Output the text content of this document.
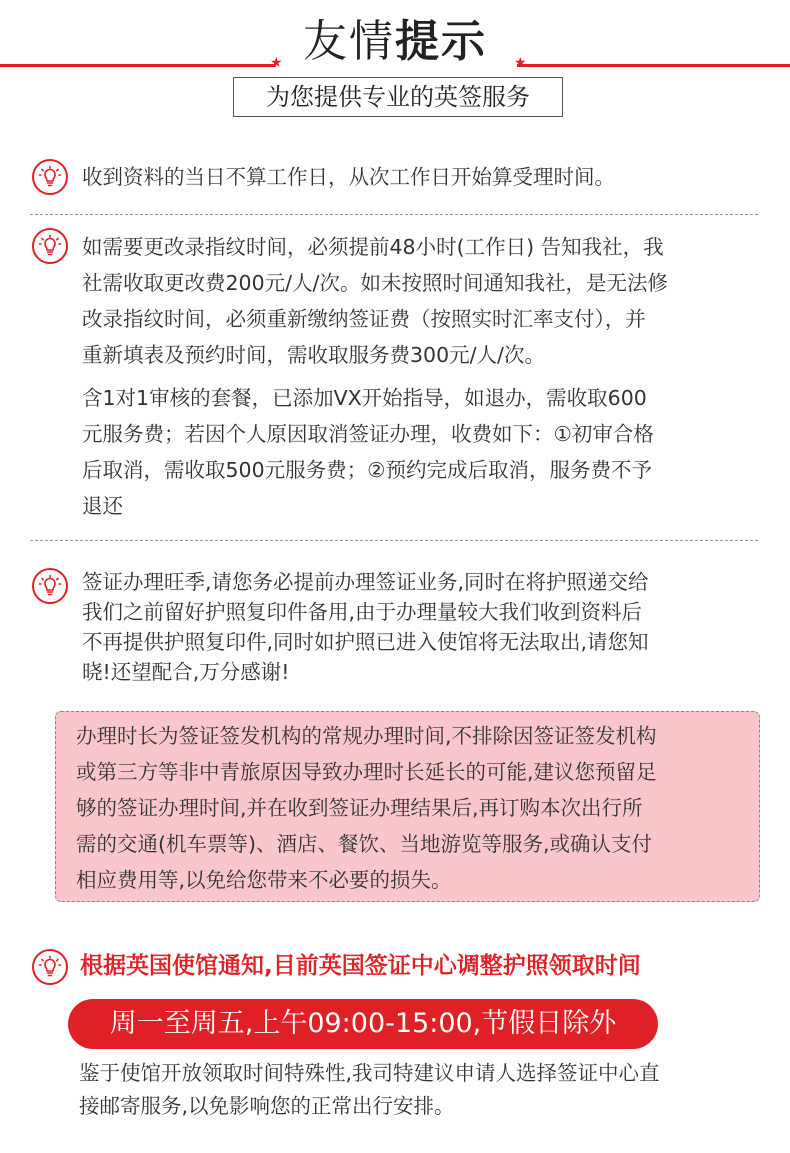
★	★
友情提示
为您提供专业的英签服务
收到资料的当日不算工作日，从次工作日开始算受理时间。
如需要更改录指纹时间，必须提前48小时(工作日) 告知我社，我
社需收取更改费200元/人/次。如未按照时间通知我社，是无法修
改录指纹时间，必须重新缴纳签证费（按照实时汇率支付），并
重新填表及预约时间，需收取服务费300元/人/次。
含1对1审核的套餐，已添加VX开始指导，如退办，需收取600
元服务费；若因个人原因取消签证办理，收费如下：①初审合格
后取消，需收取500元服务费；②预约完成后取消，服务费不予
退还
签证办理旺季,请您务必提前办理签证业务,同时在将护照递交给
我们之前留好护照复印件备用,由于办理量较大我们收到资料后
不再提供护照复印件,同时如护照已进入使馆将无法取出,请您知
晓!还望配合,万分感谢!
办理时长为签证签发机构的常规办理时间,不排除因签证签发机构
或第三方等非中青旅原因导致办理时长延长的可能,建议您预留足
够的签证办理时间,并在收到签证办理结果后,再订购本次出行所
需的交通(机车票等)、酒店、餐饮、当地游览等服务,或确认支付
相应费用等,以免给您带来不必要的损失。
根据英国使馆通知,目前英国签证中心调整护照领取时间
周一至周五,上午09:00-15:00,节假日除外
鉴于使馆开放领取时间特殊性,我司特建议申请人选择签证中心直
接邮寄服务,以免影响您的正常出行安排。
